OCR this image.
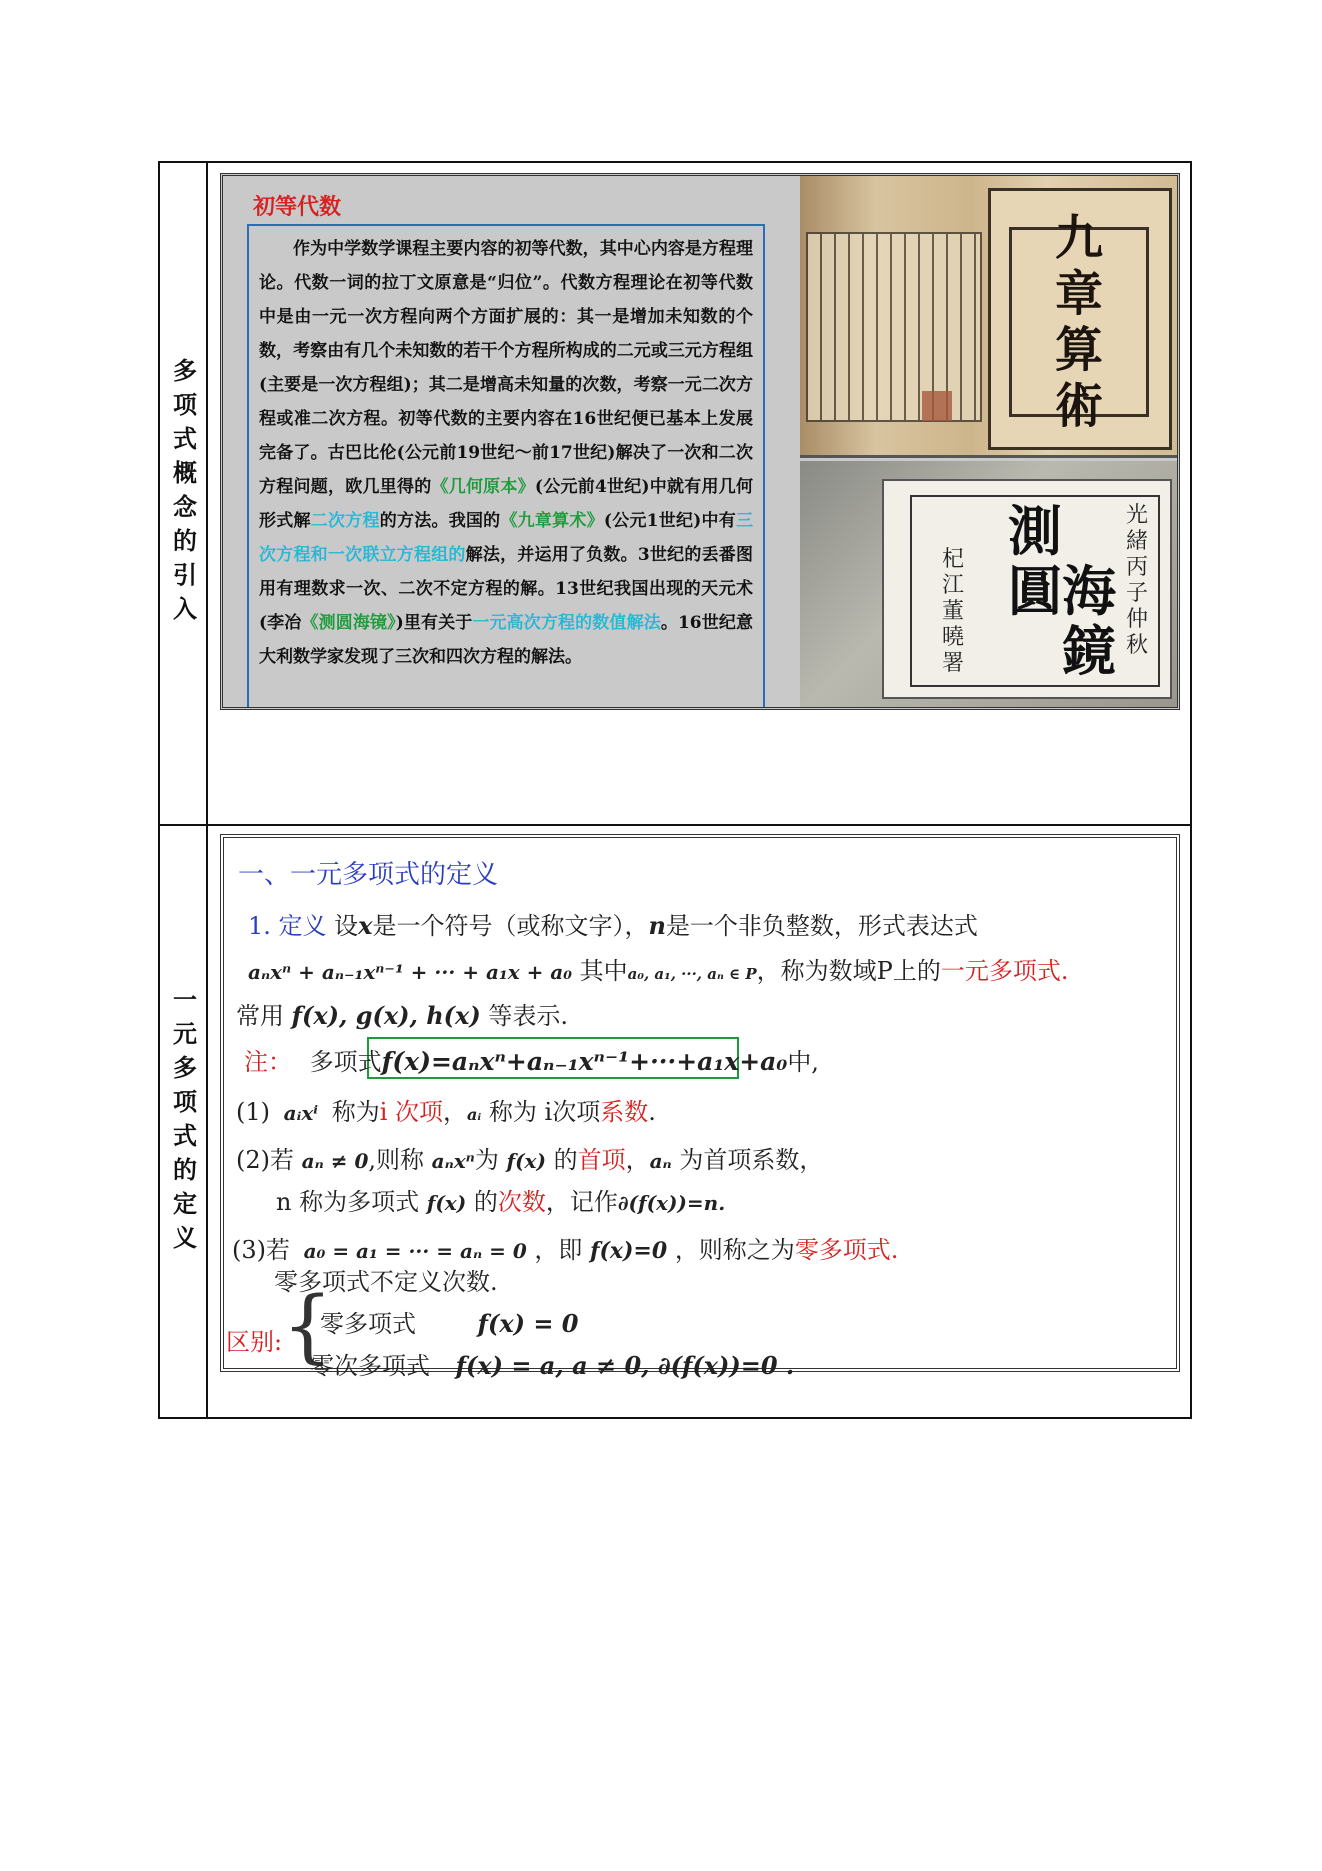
多项式概念的引入
初等代数
作为中学数学课程主要内容的初等代数，其中心内容是方程理论。代数一词的拉丁文原意是“归位”。代数方程理论在初等代数中是由一元一次方程向两个方面扩展的：其一是增加未知数的个数，考察由有几个未知数的若干个方程所构成的二元或三元方程组(主要是一次方程组)；其二是增高未知量的次数，考察一元二次方程或准二次方程。初等代数的主要内容在16世纪便已基本上发展完备了。古巴比伦(公元前19世纪～前17世纪)解决了一次和二次方程问题，欧几里得的《几何原本》(公元前4世纪)中就有用几何形式解二次方程的方法。我国的《九章算术》(公元1世纪)中有三次方程和一次联立方程组的解法，并运用了负数。3世纪的丢番图用有理数求一次、二次不定方程的解。13世纪我国出现的天元术(李冶《测圆海镜》)里有关于一元高次方程的数值解法。16世纪意大利数学家发现了三次和四次方程的解法。
九
章
算
術
測
圓 海
鏡
光
緒
丙
子
仲
秋
杞
江
董
曉
署
一元多项式的定义
一、一元多项式的定义
1. 定义 设x是一个符号（或称文字），n是一个非负整数，形式表达式
aₙxⁿ + aₙ₋₁xⁿ⁻¹ + ··· + a₁x + a₀ 其中a₀, a₁, ···, aₙ ∈ P，称为数域P上的一元多项式.
常用 f(x), g(x), h(x) 等表示.
注： 多项式f(x)=aₙxⁿ+aₙ₋₁xⁿ⁻¹+···+a₁x+a₀中,
(1) aᵢxⁱ 称为i 次项，aᵢ 称为 i次项系数.
(2)若 aₙ ≠ 0,则称 aₙxⁿ为 f(x) 的首项，aₙ 为首项系数，
n 称为多项式 f(x) 的次数，记作∂(f(x))=n.
(3)若 a₀ = a₁ = ··· = aₙ = 0 ，即 f(x)=0 ，则称之为零多项式.
零多项式不定义次数.
区别: {
零多项式	f(x) = 0
零次多项式 f(x) = a, a ≠ 0, ∂(f(x))=0 .
